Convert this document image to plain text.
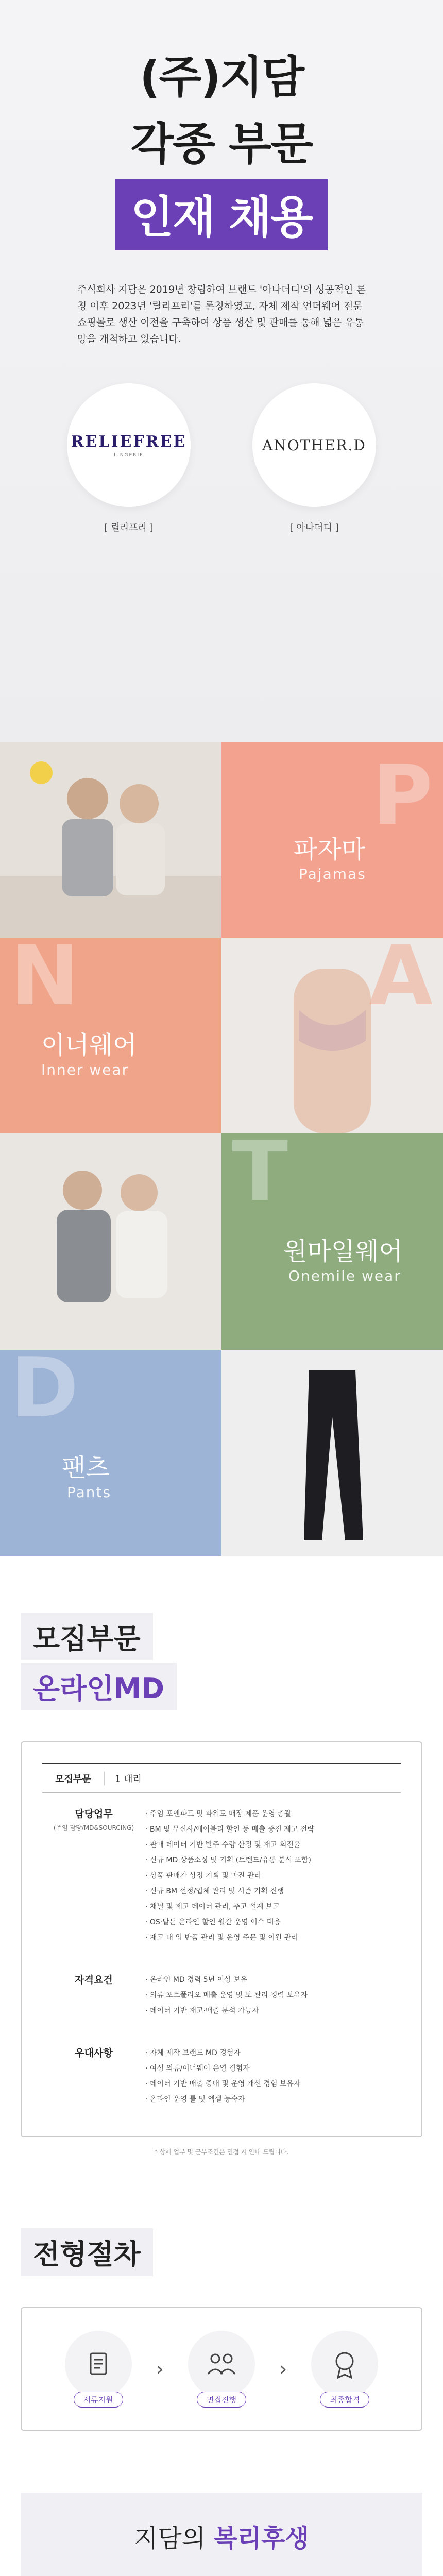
(주)지담
각종 부문
인재 채용

주식회사 지담은 2019년 창립하여 브랜드 '아나더디'의 성공적인 론칭 이후 2023년 '릴리프리'를 론칭하였고, 자체 제작 언더웨어 전문 쇼핑몰로 생산 이전을 구축하여 상품 생산 및 판매를 통해 넓은 유통망을 개척하고 있습니다.

RELIEFREE
LINGERIE
[ 릴리프리 ]
ANOTHER.D
[ 아나더디 ]
P
파자마
Pajamas
N
이너웨어
Inner wear
A
T
원마일웨어
Onemile wear
D
팬츠
Pants
모집부문
온라인MD
모집부문	1 대리
담당업무
(주임 담당/MD&SOURCING)
· 주임 포엔파트 및 파워도 매장 제품 운영 총괄
· BM 및 무신사/에이블리 할인 등 매출 증진 제고 전략
· 판매 데이터 기반 발주 수량 산정 및 재고 회전율
· 신규 MD 상품소싱 및 기획 (트렌드/유통 분석 포함)
· 상품 판매가 상정 기획 및 마진 관리
· 신규 BM 선정/업체 관리 및 시즌 기획 진행
· 채널 및 제고 데이터 관리, 추고 설계 보고
· OS·달돈 온라인 할인 월간 운영 이슈 대응
· 재고 대 입 반품 관리 및 운영 주문 및 이원 관리
자격요건	· 온라인 MD 경력 5년 이상 보유
· 의류 포트폴리오 매출 운영 및 보 관리 경력 보유자
· 데이터 기반 재고·매출 분석 가능자
우대사항	· 자체 제작 브랜드 MD 경험자
· 여성 의류/이너웨어 운영 경험자
· 데이터 기반 매출 증대 및 운영 개선 경험 보유자
· 온라인 운영 툴 및 엑셀 능숙자
* 상세 업무 및 근무조건은 면접 시 안내 드립니다.
전형절차
서류지원
›
면접진행
›
최종합격
지담의 복리후생
